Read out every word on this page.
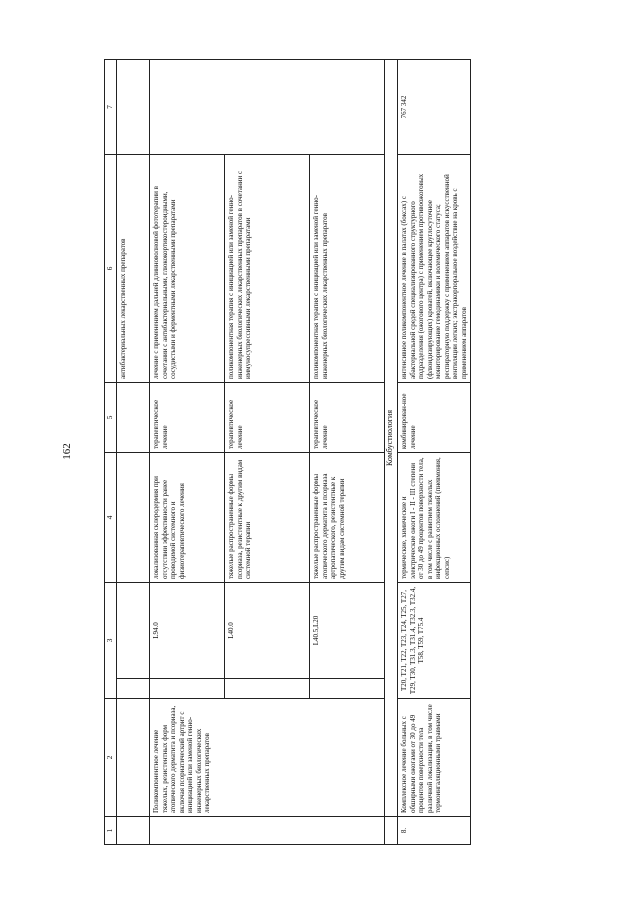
162
1	2	3		4	5	6	7
						антибактериальных лекарственных препаратов	
	Поликомпонентное лечение тяжелых, резистентных форм атопического дерматита и псориаза, включая псориатический артрит с инициацией или заменой генно-инженерных биологических лекарственных препаратов		L94.0	локализованная склеродермия при отсутствии эффективности ранее проводимой системного и физиотерапевтического лечения	терапевтическое лечение	лечение с применением дальней длинноволновой фототерапии в сочетании с антибактериальными, глюкокортикостероидными, сосудистыми и ферментными лекарственными препаратами	
			L40.0	тяжелые распространенные формы псориаза, резистентные к другим видам системной терапии	терапевтическое лечение	поликомпонентная терапия с инициацией или заменой генно-инженерных биологических лекарственных препаратов в сочетании с иммуносупрессивными лекарственными препаратами	
			L40.5,L20	тяжелые распространенные формы атопического дерматита и псориаза артропатического, резистентные к другим видам системной терапии	терапевтическое лечение	поликомпонентная терапия с инициацией или заменой генно-инженерных биологических лекарственных препаратов	
	Комбустиология						
8.	Комплексное лечение больных с обширными ожогами от 30 до 49 процентов поверхности тела различной локализации, в том числе термоингаляционными травмами	T20, T21, T22, T23, T24, T25, T27, T29, T30, T31.3, T31.4, T32.3, T32.4, T58, T59, T75.4		термические, химические и электрические ожоги I - II - III степени от 30 до 49 процентов поверхности тела, в том числе с развитием тяжелых инфекционных осложнений (пневмония, сепсис)	комбинирован-ное лечение	интенсивное поликомпонентное лечение в палатах (боксах) с абактериальной средой специализированного структурного подразделения (ожогового центра) с применением противоожоговых (флюидизирующих) кроватей, включающее круглосуточное мониторирование гемодинамики и волемического статуса; респираторную поддержку с применением аппаратов искусственной вентиляции легких; экстракорпоральное воздействие на кровь с применением аппаратов	767 342
